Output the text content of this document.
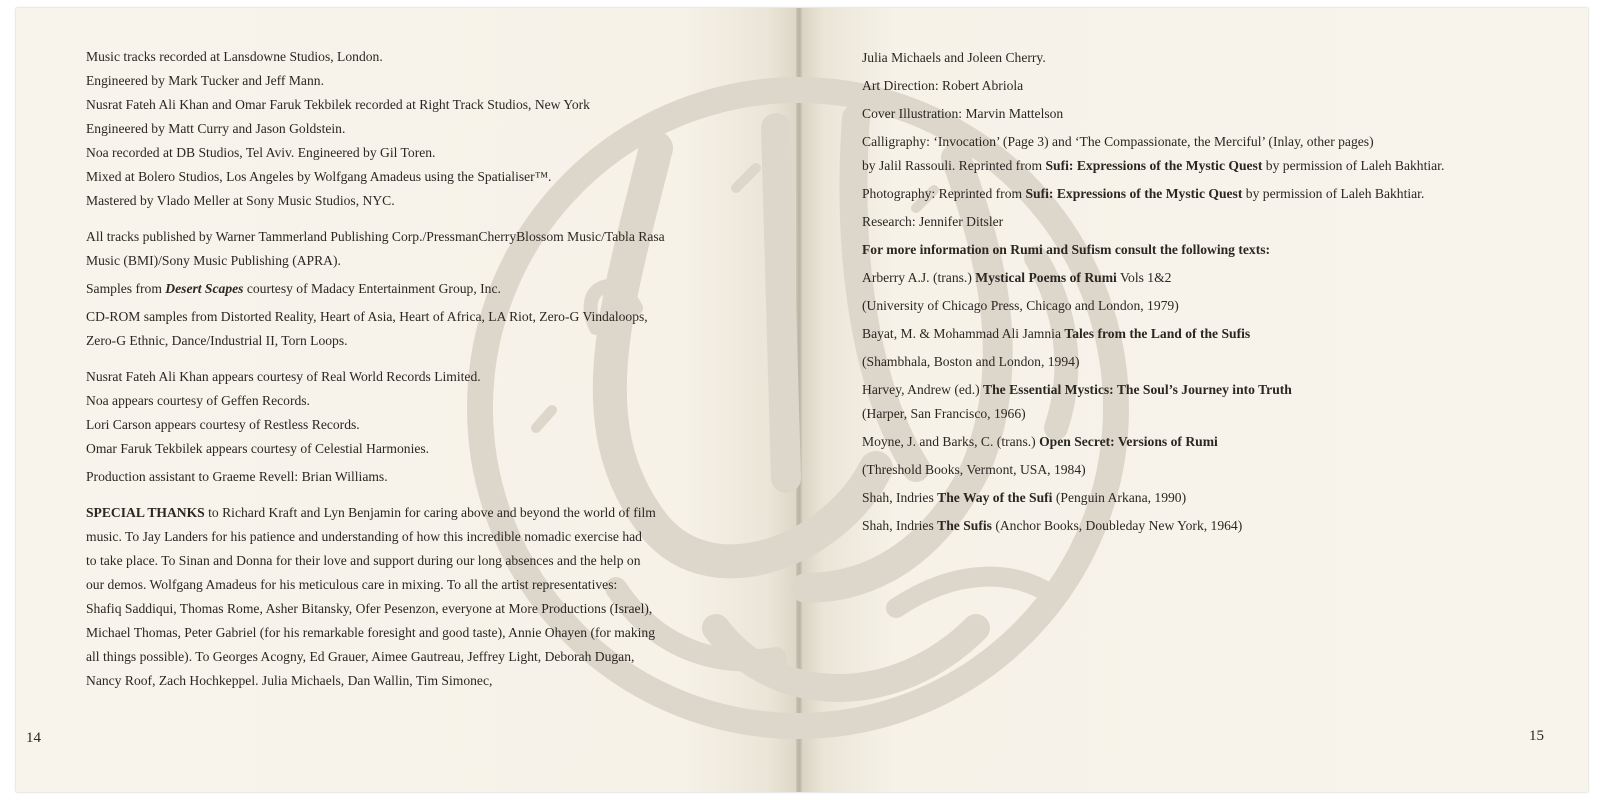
Music tracks recorded at Lansdowne Studios, London.
Engineered by Mark Tucker and Jeff Mann.
Nusrat Fateh Ali Khan and Omar Faruk Tekbilek recorded at Right Track Studios, New York
Engineered by Matt Curry and Jason Goldstein.
Noa recorded at DB Studios, Tel Aviv. Engineered by Gil Toren.
Mixed at Bolero Studios, Los Angeles by Wolfgang Amadeus using the Spatialiser™.
Mastered by Vlado Meller at Sony Music Studios, NYC.
All tracks published by Warner Tammerland Publishing Corp./PressmanCherryBlossom Music/Tabla Rasa
Music (BMI)/Sony Music Publishing (APRA).
Samples from Desert Scapes courtesy of Madacy Entertainment Group, Inc.
CD-ROM samples from Distorted Reality, Heart of Asia, Heart of Africa, LA Riot, Zero-G Vindaloops,
Zero-G Ethnic, Dance/Industrial II, Torn Loops.
Nusrat Fateh Ali Khan appears courtesy of Real World Records Limited.
Noa appears courtesy of Geffen Records.
Lori Carson appears courtesy of Restless Records.
Omar Faruk Tekbilek appears courtesy of Celestial Harmonies.
Production assistant to Graeme Revell: Brian Williams.
SPECIAL THANKS to Richard Kraft and Lyn Benjamin for caring above and beyond the world of film
music. To Jay Landers for his patience and understanding of how this incredible nomadic exercise had
to take place. To Sinan and Donna for their love and support during our long absences and the help on
our demos. Wolfgang Amadeus for his meticulous care in mixing. To all the artist representatives:
Shafiq Saddiqui, Thomas Rome, Asher Bitansky, Ofer Pesenzon, everyone at More Productions (Israel),
Michael Thomas, Peter Gabriel (for his remarkable foresight and good taste), Annie Ohayen (for making
all things possible). To Georges Acogny, Ed Grauer, Aimee Gautreau, Jeffrey Light, Deborah Dugan,
Nancy Roof, Zach Hochkeppel. Julia Michaels, Dan Wallin, Tim Simonec,
14
Julia Michaels and Joleen Cherry.
Art Direction: Robert Abriola
Cover Illustration: Marvin Mattelson
Calligraphy: ‘Invocation’ (Page 3) and ‘The Compassionate, the Merciful’ (Inlay, other pages)
by Jalil Rassouli. Reprinted from Sufi: Expressions of the Mystic Quest by permission of Laleh Bakhtiar.
Photography: Reprinted from Sufi: Expressions of the Mystic Quest by permission of Laleh Bakhtiar.
Research: Jennifer Ditsler
For more information on Rumi and Sufism consult the following texts:
Arberry A.J. (trans.) Mystical Poems of Rumi Vols 1&2
(University of Chicago Press, Chicago and London, 1979)
Bayat, M. & Mohammad Ali Jamnia Tales from the Land of the Sufis
(Shambhala, Boston and London, 1994)
Harvey, Andrew (ed.) The Essential Mystics: The Soul’s Journey into Truth
(Harper, San Francisco, 1966)
Moyne, J. and Barks, C. (trans.) Open Secret: Versions of Rumi
(Threshold Books, Vermont, USA, 1984)
Shah, Indries The Way of the Sufi (Penguin Arkana, 1990)
Shah, Indries The Sufis (Anchor Books, Doubleday New York, 1964)
15
